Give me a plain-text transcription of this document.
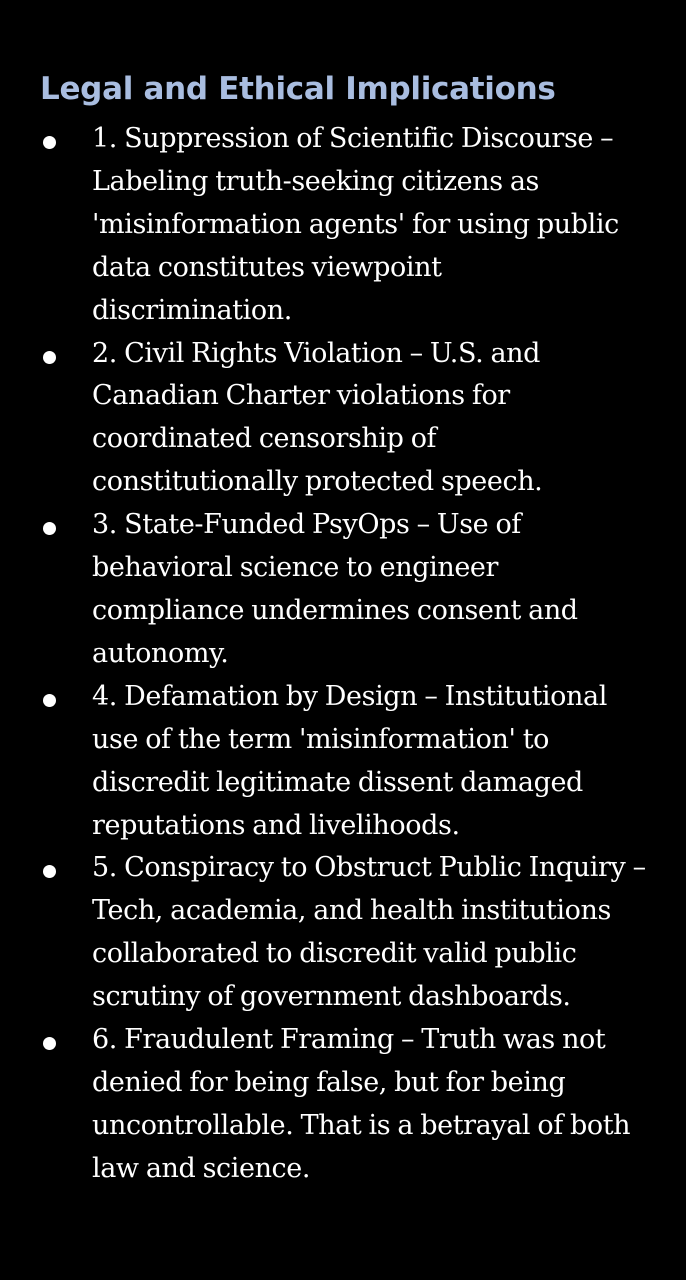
Legal and Ethical Implications
1. Suppression of Scientific Discourse – Labeling truth-seeking citizens as 'misinformation agents' for using public data constitutes viewpoint discrimination.
2. Civil Rights Violation – U.S. and Canadian Charter violations for coordinated censorship of constitutionally protected speech.
3. State-Funded PsyOps – Use of behavioral science to engineer compliance undermines consent and autonomy.
4. Defamation by Design – Institutional use of the term 'misinformation' to discredit legitimate dissent damaged reputations and livelihoods.
5. Conspiracy to Obstruct Public Inquiry – Tech, academia, and health institutions collaborated to discredit valid public scrutiny of government dashboards.
6. Fraudulent Framing – Truth was not denied for being false, but for being uncontrollable. That is a betrayal of both law and science.
